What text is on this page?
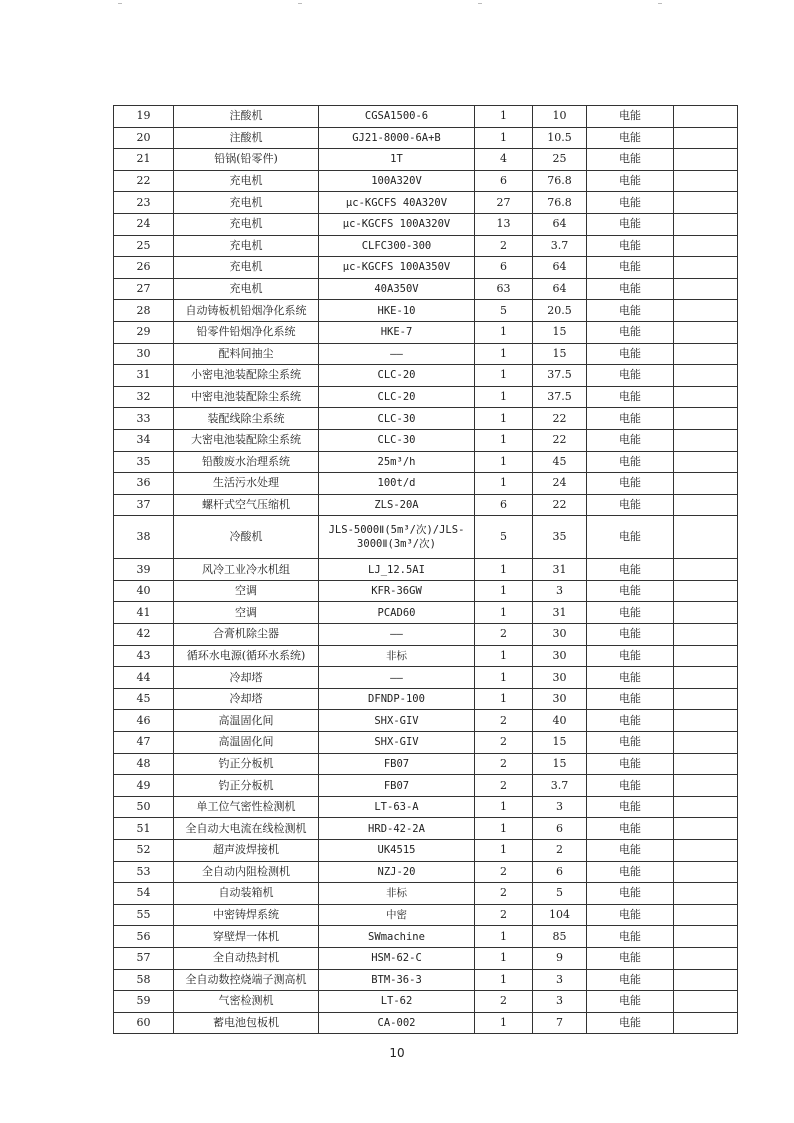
19	注酸机	CGSA1500-6	1	10	电能	
20	注酸机	GJ21-8000-6A+B	1	10.5	电能	
21	铅锅(铅零件)	1T	4	25	电能	
22	充电机	100A320V	6	76.8	电能	
23	充电机	μc-KGCFS 40A320V	27	76.8	电能	
24	充电机	μc-KGCFS 100A320V	13	64	电能	
25	充电机	CLFC300-300	2	3.7	电能	
26	充电机	μc-KGCFS 100A350V	6	64	电能	
27	充电机	40A350V	63	64	电能	
28	自动铸板机铅烟净化系统	HKE-10	5	20.5	电能	
29	铅零件铅烟净化系统	HKE-7	1	15	电能	
30	配料间抽尘	——	1	15	电能	
31	小密电池装配除尘系统	CLC-20	1	37.5	电能	
32	中密电池装配除尘系统	CLC-20	1	37.5	电能	
33	装配线除尘系统	CLC-30	1	22	电能	
34	大密电池装配除尘系统	CLC-30	1	22	电能	
35	铅酸废水治理系统	25m³/h	1	45	电能	
36	生活污水处理	100t/d	1	24	电能	
37	螺杆式空气压缩机	ZLS-20A	6	22	电能	
38	冷酸机	JLS-5000Ⅱ(5m³/次)/JLS-3000Ⅱ(3m³/次)	5	35	电能	
39	风冷工业冷水机组	LJ_12.5AI	1	31	电能	
40	空调	KFR-36GW	1	3	电能	
41	空调	PCAD60	1	31	电能	
42	合膏机除尘器	——	2	30	电能	
43	循环水电源(循环水系统)	非标	1	30	电能	
44	冷却塔	——	1	30	电能	
45	冷却塔	DFNDP-100	1	30	电能	
46	高温固化间	SHX-GIV	2	40	电能	
47	高温固化间	SHX-GIV	2	15	电能	
48	钓正分板机	FB07	2	15	电能	
49	钓正分板机	FB07	2	3.7	电能	
50	单工位气密性检测机	LT-63-A	1	3	电能	
51	全自动大电流在线检测机	HRD-42-2A	1	6	电能	
52	超声波焊接机	UK4515	1	2	电能	
53	全自动内阻检测机	NZJ-20	2	6	电能	
54	自动装箱机	非标	2	5	电能	
55	中密铸焊系统	中密	2	104	电能	
56	穿壁焊一体机	SWmachine	1	85	电能	
57	全自动热封机	HSM-62-C	1	9	电能	
58	全自动数控烧端子测高机	BTM-36-3	1	3	电能	
59	气密检测机	LT-62	2	3	电能	
60	蓄电池包板机	CA-002	1	7	电能	
10
